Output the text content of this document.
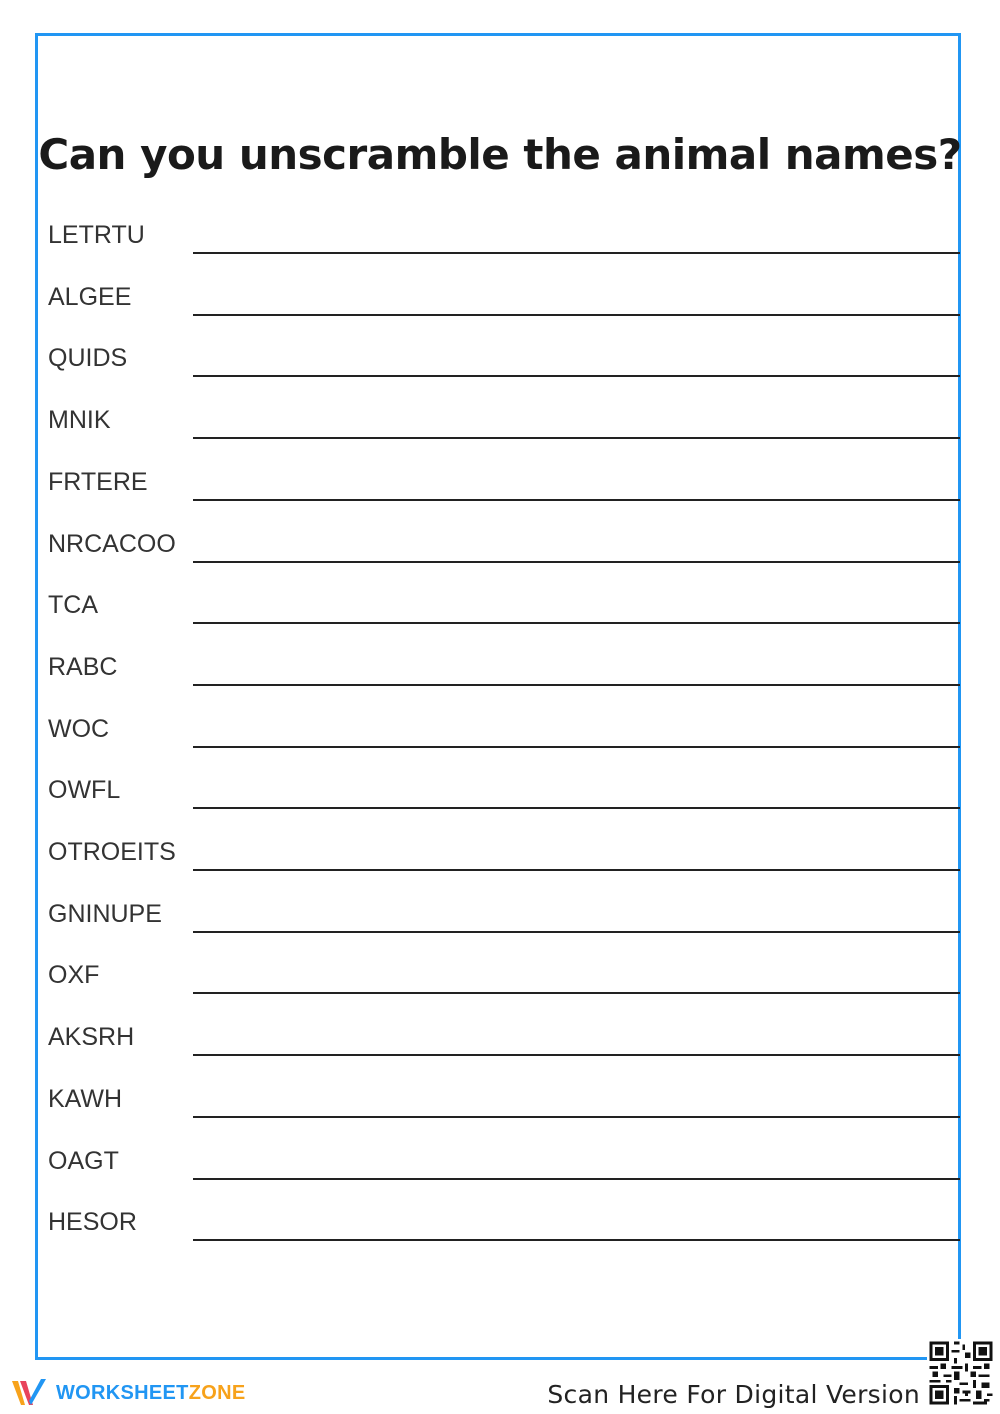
Can you unscramble the animal names?
LETRTU
ALGEE
QUIDS
MNIK
FRTERE
NRCACOO
TCA
RABC
WOC
OWFL
OTROEITS
GNINUPE
OXF
AKSRH
KAWH
OAGT
HESOR
WORKSHEETZONE	Scan Here For Digital Version
